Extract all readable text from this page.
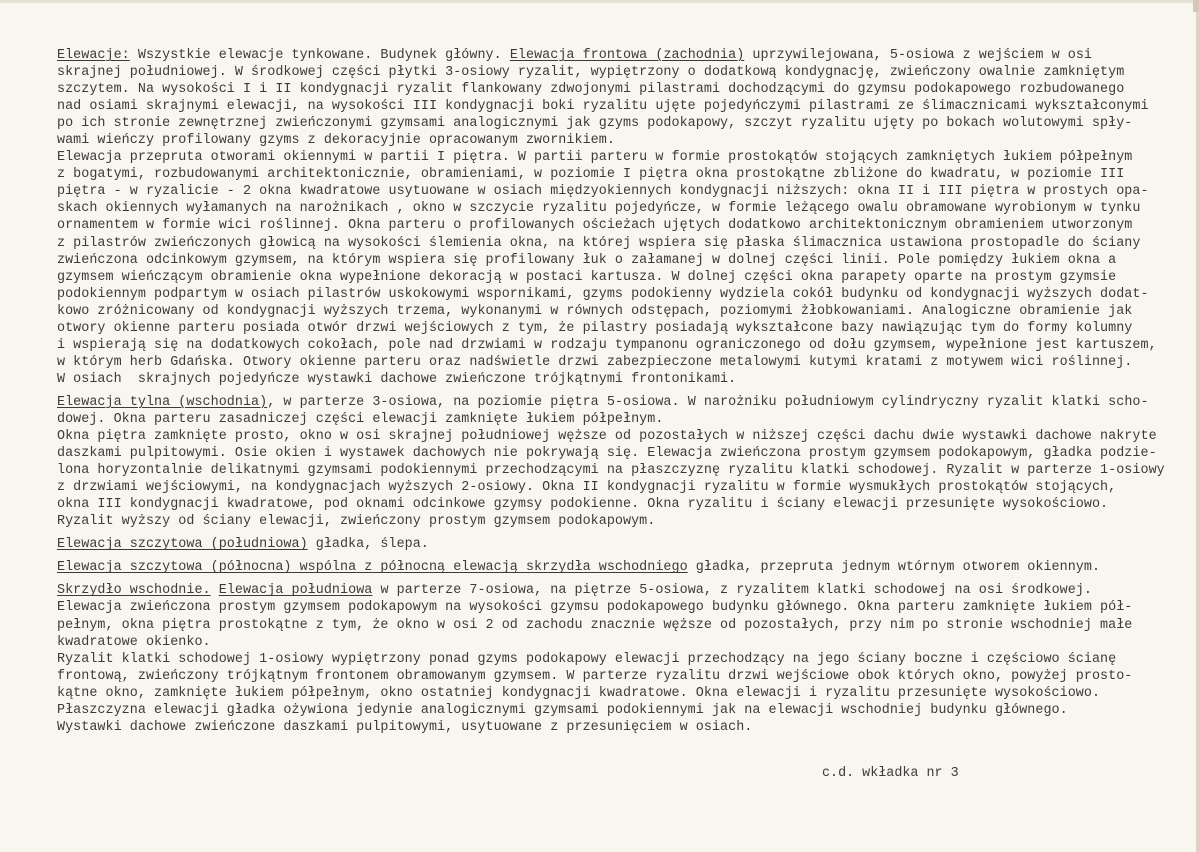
Elewacje: Wszystkie elewacje tynkowane. Budynek główny. Elewacja frontowa (zachodnia) uprzywilejowana, 5-osiowa z wejściem w osi
skrajnej południowej. W środkowej części płytki 3-osiowy ryzalit, wypiętrzony o dodatkową kondygnację, zwieńczony owalnie zamkniętym
szczytem. Na wysokości I i II kondygnacji ryzalit flankowany zdwojonymi pilastrami dochodzącymi do gzymsu podokapowego rozbudowanego
nad osiami skrajnymi elewacji, na wysokości III kondygnacji boki ryzalitu ujęte pojedyńczymi pilastrami ze ślimacznicami wykształconymi
po ich stronie zewnętrznej zwieńczonymi gzymsami analogicznymi jak gzyms podokapowy, szczyt ryzalitu ujęty po bokach wolutowymi spły-
wami wieńczy profilowany gzyms z dekoracyjnie opracowanym zwornikiem.
Elewacja przepruta otworami okiennymi w partii I piętra. W partii parteru w formie prostokątów stojących zamkniętych łukiem półpełnym
z bogatymi, rozbudowanymi architektonicznie, obramieniami, w poziomie I piętra okna prostokątne zbliżone do kwadratu, w poziomie III
piętra - w ryzalicie - 2 okna kwadratowe usytuowane w osiach międzyokiennych kondygnacji niższych: okna II i III piętra w prostych opa-
skach okiennych wyłamanych na narożnikach , okno w szczycie ryzalitu pojedyńcze, w formie leżącego owalu obramowane wyrobionym w tynku
ornamentem w formie wici roślinnej. Okna parteru o profilowanych ościeżach ujętych dodatkowo architektonicznym obramieniem utworzonym
z pilastrów zwieńczonych głowicą na wysokości ślemienia okna, na której wspiera się płaska ślimacznica ustawiona prostopadle do ściany
zwieńczona odcinkowym gzymsem, na którym wspiera się profilowany łuk o załamanej w dolnej części linii. Pole pomiędzy łukiem okna a
gzymsem wieńczącym obramienie okna wypełnione dekoracją w postaci kartusza. W dolnej części okna parapety oparte na prostym gzymsie
podokiennym podpartym w osiach pilastrów uskokowymi wspornikami, gzyms podokienny wydziela cokół budynku od kondygnacji wyższych dodat-
kowo zróżnicowany od kondygnacji wyższych trzema, wykonanymi w równych odstępach, poziomymi żłobkowaniami. Analogiczne obramienie jak
otwory okienne parteru posiada otwór drzwi wejściowych z tym, że pilastry posiadają wykształcone bazy nawiązując tym do formy kolumny
i wspierają się na dodatkowych cokołach, pole nad drzwiami w rodzaju tympanonu ograniczonego od dołu gzymsem, wypełnione jest kartuszem,
w którym herb Gdańska. Otwory okienne parteru oraz nadświetle drzwi zabezpieczone metalowymi kutymi kratami z motywem wici roślinnej.
W osiach  skrajnych pojedyńcze wystawki dachowe zwieńczone trójkątnymi frontonikami.
Elewacja tylna (wschodnia), w parterze 3-osiowa, na poziomie piętra 5-osiowa. W narożniku południowym cylindryczny ryzalit klatki scho-
dowej. Okna parteru zasadniczej części elewacji zamknięte łukiem półpełnym.
Okna piętra zamknięte prosto, okno w osi skrajnej południowej węższe od pozostałych w niższej części dachu dwie wystawki dachowe nakryte
daszkami pulpitowymi. Osie okien i wystawek dachowych nie pokrywają się. Elewacja zwieńczona prostym gzymsem podokapowym, gładka podzie-
lona horyzontalnie delikatnymi gzymsami podokiennymi przechodzącymi na płaszczyznę ryzalitu klatki schodowej. Ryzalit w parterze 1-osiowy
z drzwiami wejściowymi, na kondygnacjach wyższych 2-osiowy. Okna II kondygnacji ryzalitu w formie wysmukłych prostokątów stojących,
okna III kondygnacji kwadratowe, pod oknami odcinkowe gzymsy podokienne. Okna ryzalitu i ściany elewacji przesunięte wysokościowo.
Ryzalit wyższy od ściany elewacji, zwieńczony prostym gzymsem podokapowym.
Elewacja szczytowa (południowa) gładka, ślepa.
Elewacja szczytowa (północna) wspólna z północną elewacją skrzydła wschodniego gładka, przepruta jednym wtórnym otworem okiennym.
Skrzydło wschodnie. Elewacja południowa w parterze 7-osiowa, na piętrze 5-osiowa, z ryzalitem klatki schodowej na osi środkowej.
Elewacja zwieńczona prostym gzymsem podokapowym na wysokości gzymsu podokapowego budynku głównego. Okna parteru zamknięte łukiem pół-
pełnym, okna piętra prostokątne z tym, że okno w osi 2 od zachodu znacznie węższe od pozostałych, przy nim po stronie wschodniej małe
kwadratowe okienko.
Ryzalit klatki schodowej 1-osiowy wypiętrzony ponad gzyms podokapowy elewacji przechodzący na jego ściany boczne i częściowo ścianę
frontową, zwieńczony trójkątnym frontonem obramowanym gzymsem. W parterze ryzalitu drzwi wejściowe obok których okno, powyżej prosto-
kątne okno, zamknięte łukiem półpełnym, okno ostatniej kondygnacji kwadratowe. Okna elewacji i ryzalitu przesunięte wysokościowo.
Płaszczyzna elewacji gładka ożywiona jedynie analogicznymi gzymsami podokiennymi jak na elewacji wschodniej budynku głównego.
Wystawki dachowe zwieńczone daszkami pulpitowymi, usytuowane z przesunięciem w osiach.
c.d. wkładka nr 3
